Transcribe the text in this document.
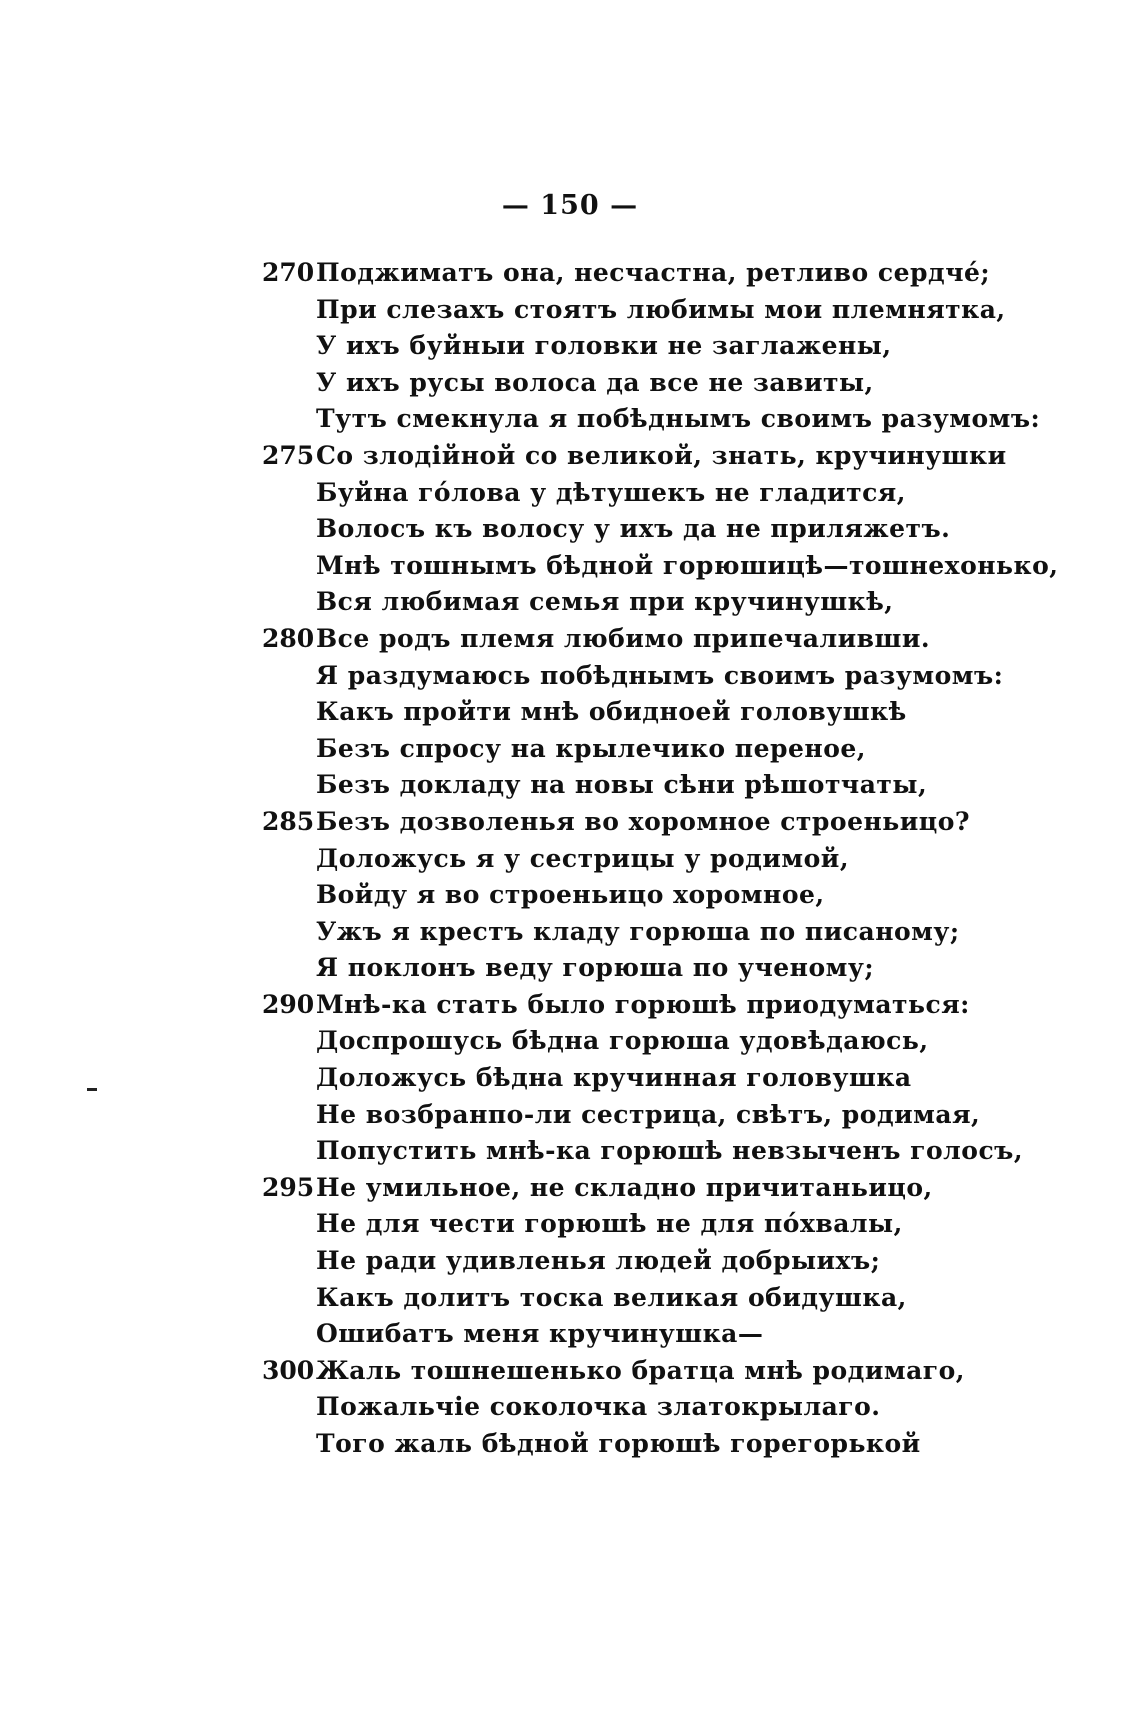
— 150 —
270 Поджиматъ она, несчастна, ретливо сердче́;
При слезахъ стоятъ любимы мои племнятка,
У ихъ буйныи головки не заглажены,
У ихъ русы волоса да все не завиты,
Тутъ смекнула я побѣднымъ своимъ разумомъ:
275 Со злодійной со великой, знать, кручинушки
Буйна го́лова у дѣтушекъ не гладится,
Волосъ къ волосу у ихъ да не приляжетъ.
Мнѣ тошнымъ бѣдной горюшицѣ—тошнехонько,
Вся любимая семья при кручинушкѣ,
280 Все родъ племя любимо припечаливши.
Я раздумаюсь побѣднымъ своимъ разумомъ:
Какъ пройти мнѣ обидноей головушкѣ
Безъ спросу на крылечико переное,
Безъ докладу на новы сѣни рѣшотчаты,
285 Безъ дозволенья во хоромное строеньицо?
Доложусь я у сестрицы у родимой,
Войду я во строеньицо хоромное,
Ужъ я крестъ кладу горюша по писаному;
Я поклонъ веду горюша по ученому;
290 Мнѣ-ка стать было горюшѣ приодуматься:
Доспрошусь бѣдна горюша удовѣдаюсь,
Доложусь бѣдна кручинная головушка
Не возбранпо-ли сестрица, свѣтъ, родимая,
Попустить мнѣ-ка горюшѣ невзыченъ голосъ,
295 Не умильное, не складно причитаньицо,
Не для чести горюшѣ не для по́хвалы,
Не ради удивленья людей добрыихъ;
Какъ долитъ тоска великая обидушка,
Ошибатъ меня кручинушка—
300 Жаль тошнешенько братца мнѣ родимаго,
Пожальчіе соколочка златокрылаго.
Того жаль бѣдной горюшѣ горегорькой
